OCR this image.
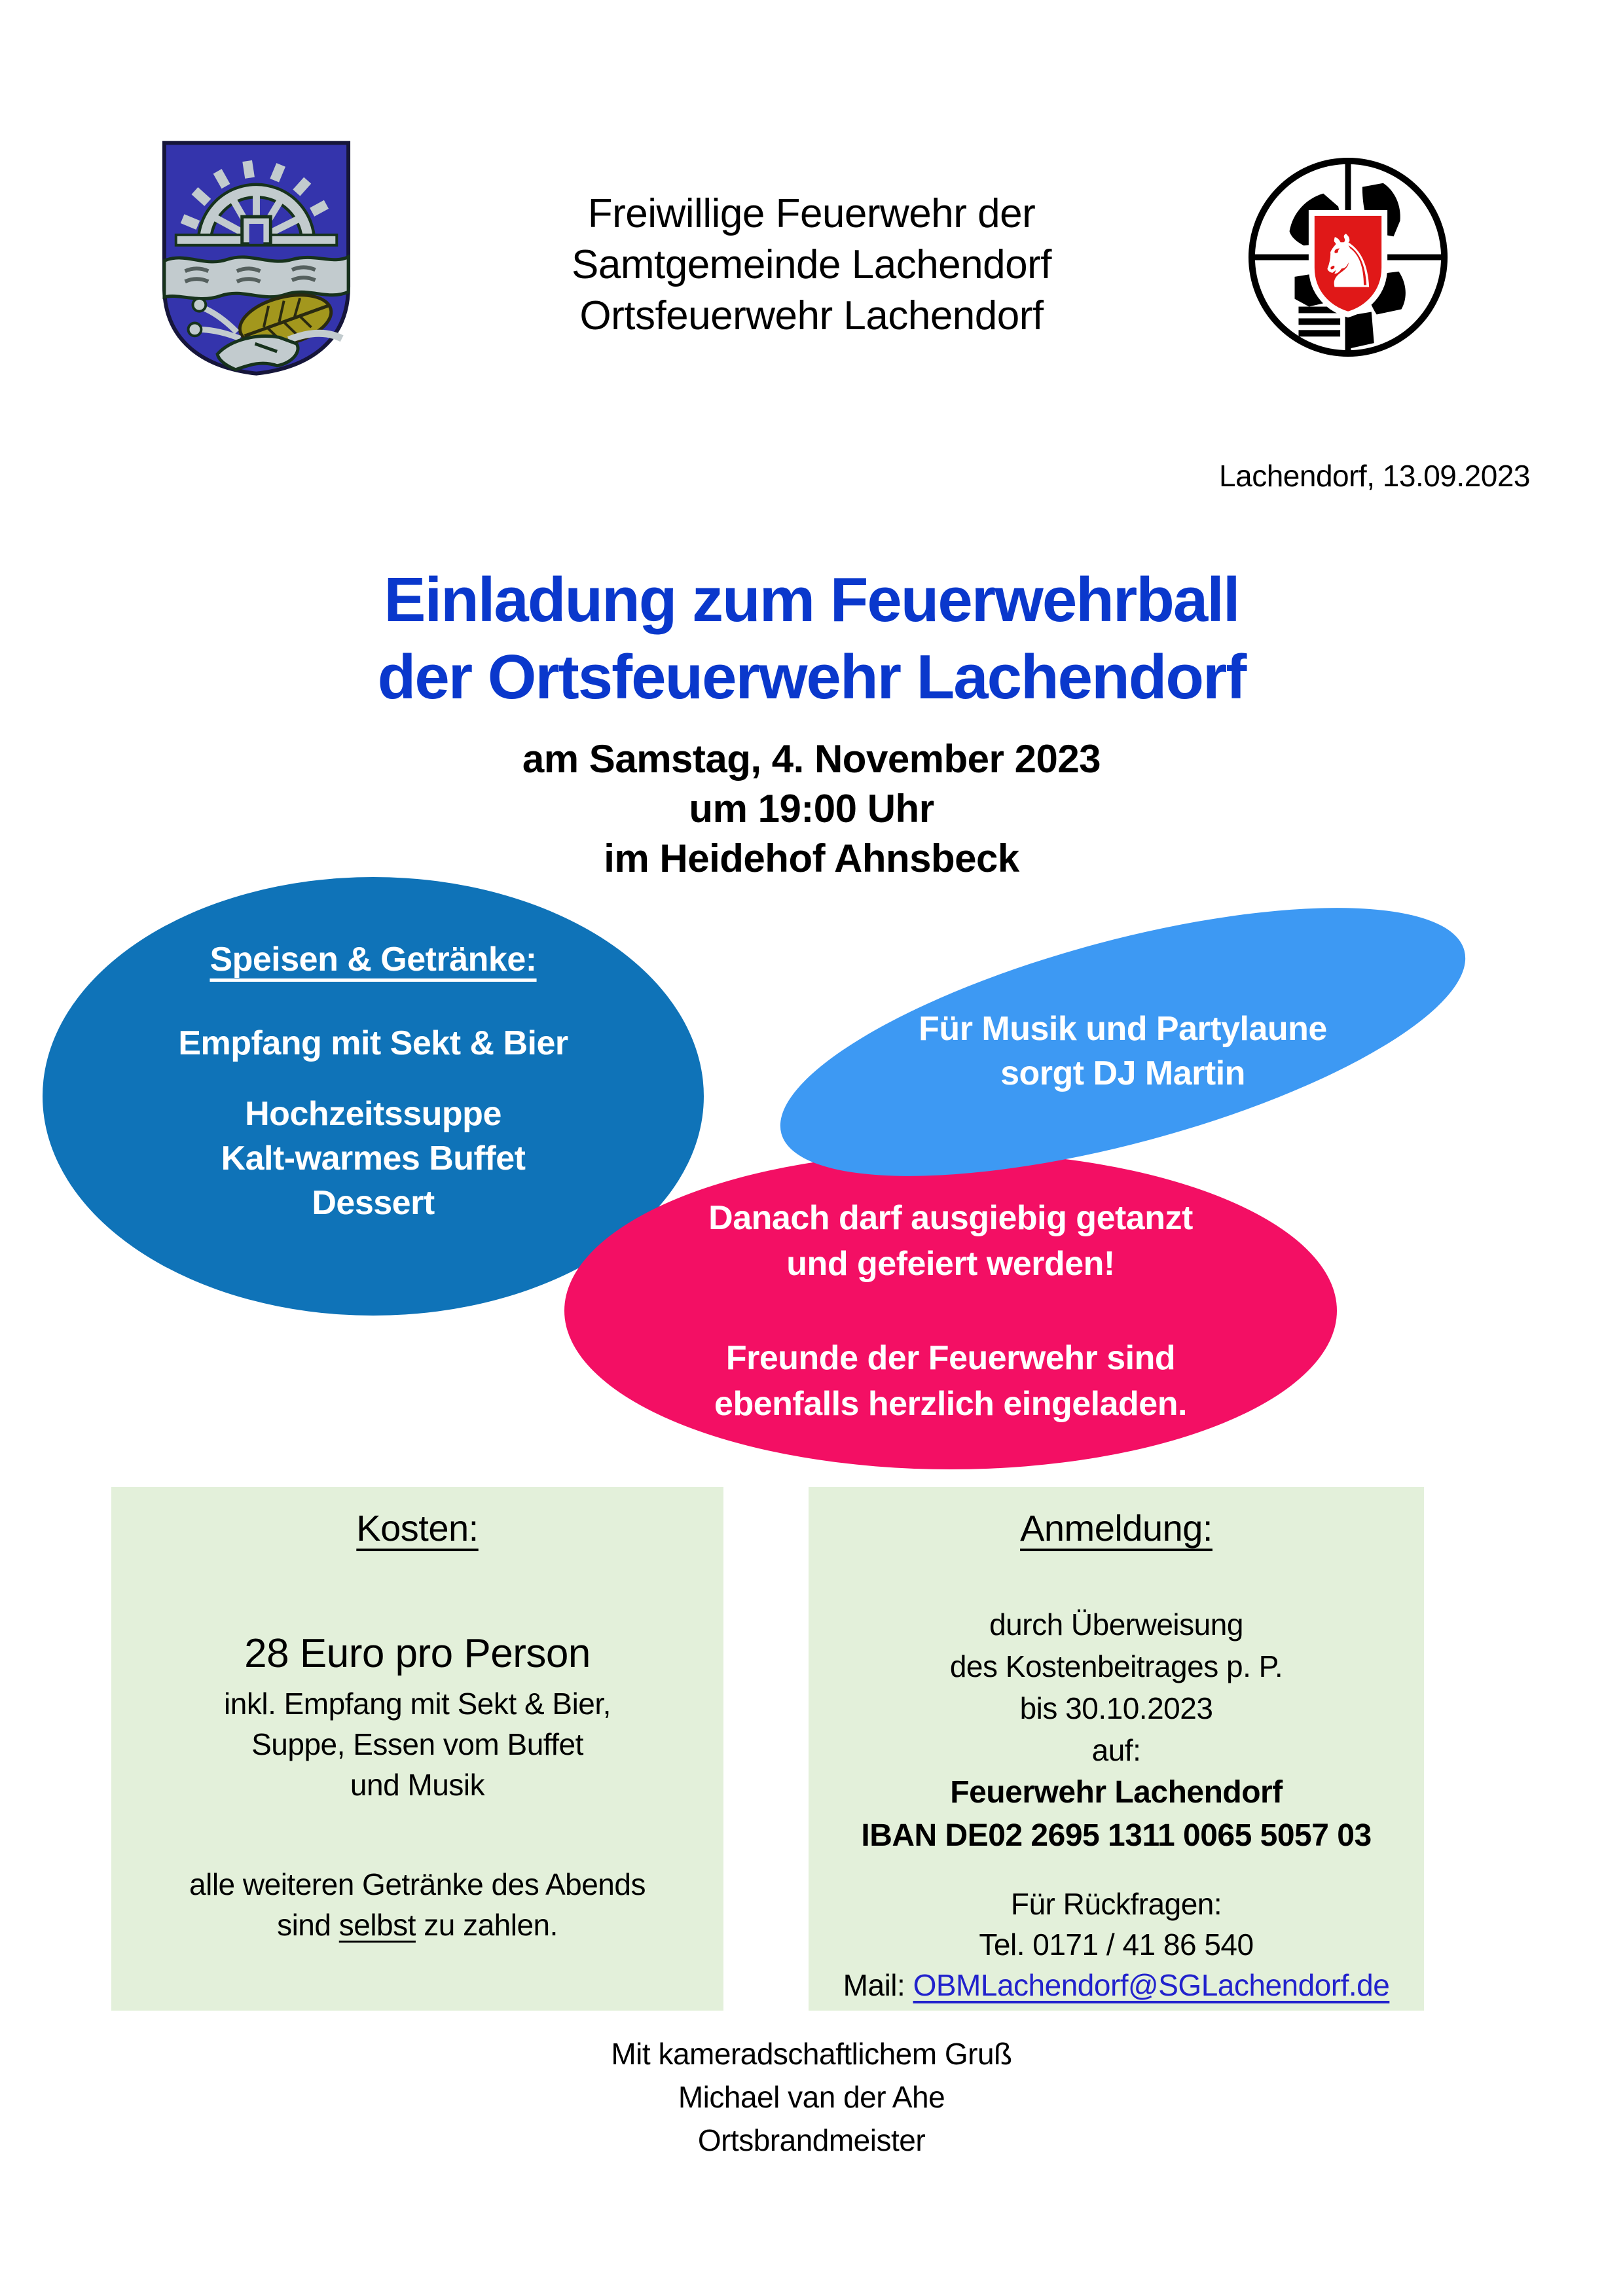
♞
Freiwillige Feuerwehr der
Samtgemeinde Lachendorf
Ortsfeuerwehr Lachendorf
Lachendorf, 13.09.2023
Einladung zum Feuerwehrball
der Ortsfeuerwehr Lachendorf
am Samstag, 4. November 2023
um 19:00 Uhr
im Heidehof Ahnsbeck
Speisen & Getränke:
Empfang mit Sekt & Bier
Hochzeitssuppe
Kalt-warmes Buffet
Dessert	Danach darf ausgiebig getanzt
und gefeiert werden!
Freunde der Feuerwehr sind
ebenfalls herzlich eingeladen.
Für Musik und Partylaune
sorgt DJ Martin
Kosten:
28 Euro pro Person
inkl. Empfang mit Sekt & Bier,
Suppe, Essen vom Buffet
und Musik
alle weiteren Getränke des Abends
sind selbst zu zahlen.
Anmeldung:
durch Überweisung
des Kostenbeitrages p. P.
bis 30.10.2023
auf:
Feuerwehr Lachendorf
IBAN DE02 2695 1311 0065 5057 03
Für Rückfragen:
Tel. 0171 / 41 86 540
Mail: OBMLachendorf@SGLachendorf.de
Mit kameradschaftlichem Gruß
Michael van der Ahe
Ortsbrandmeister
